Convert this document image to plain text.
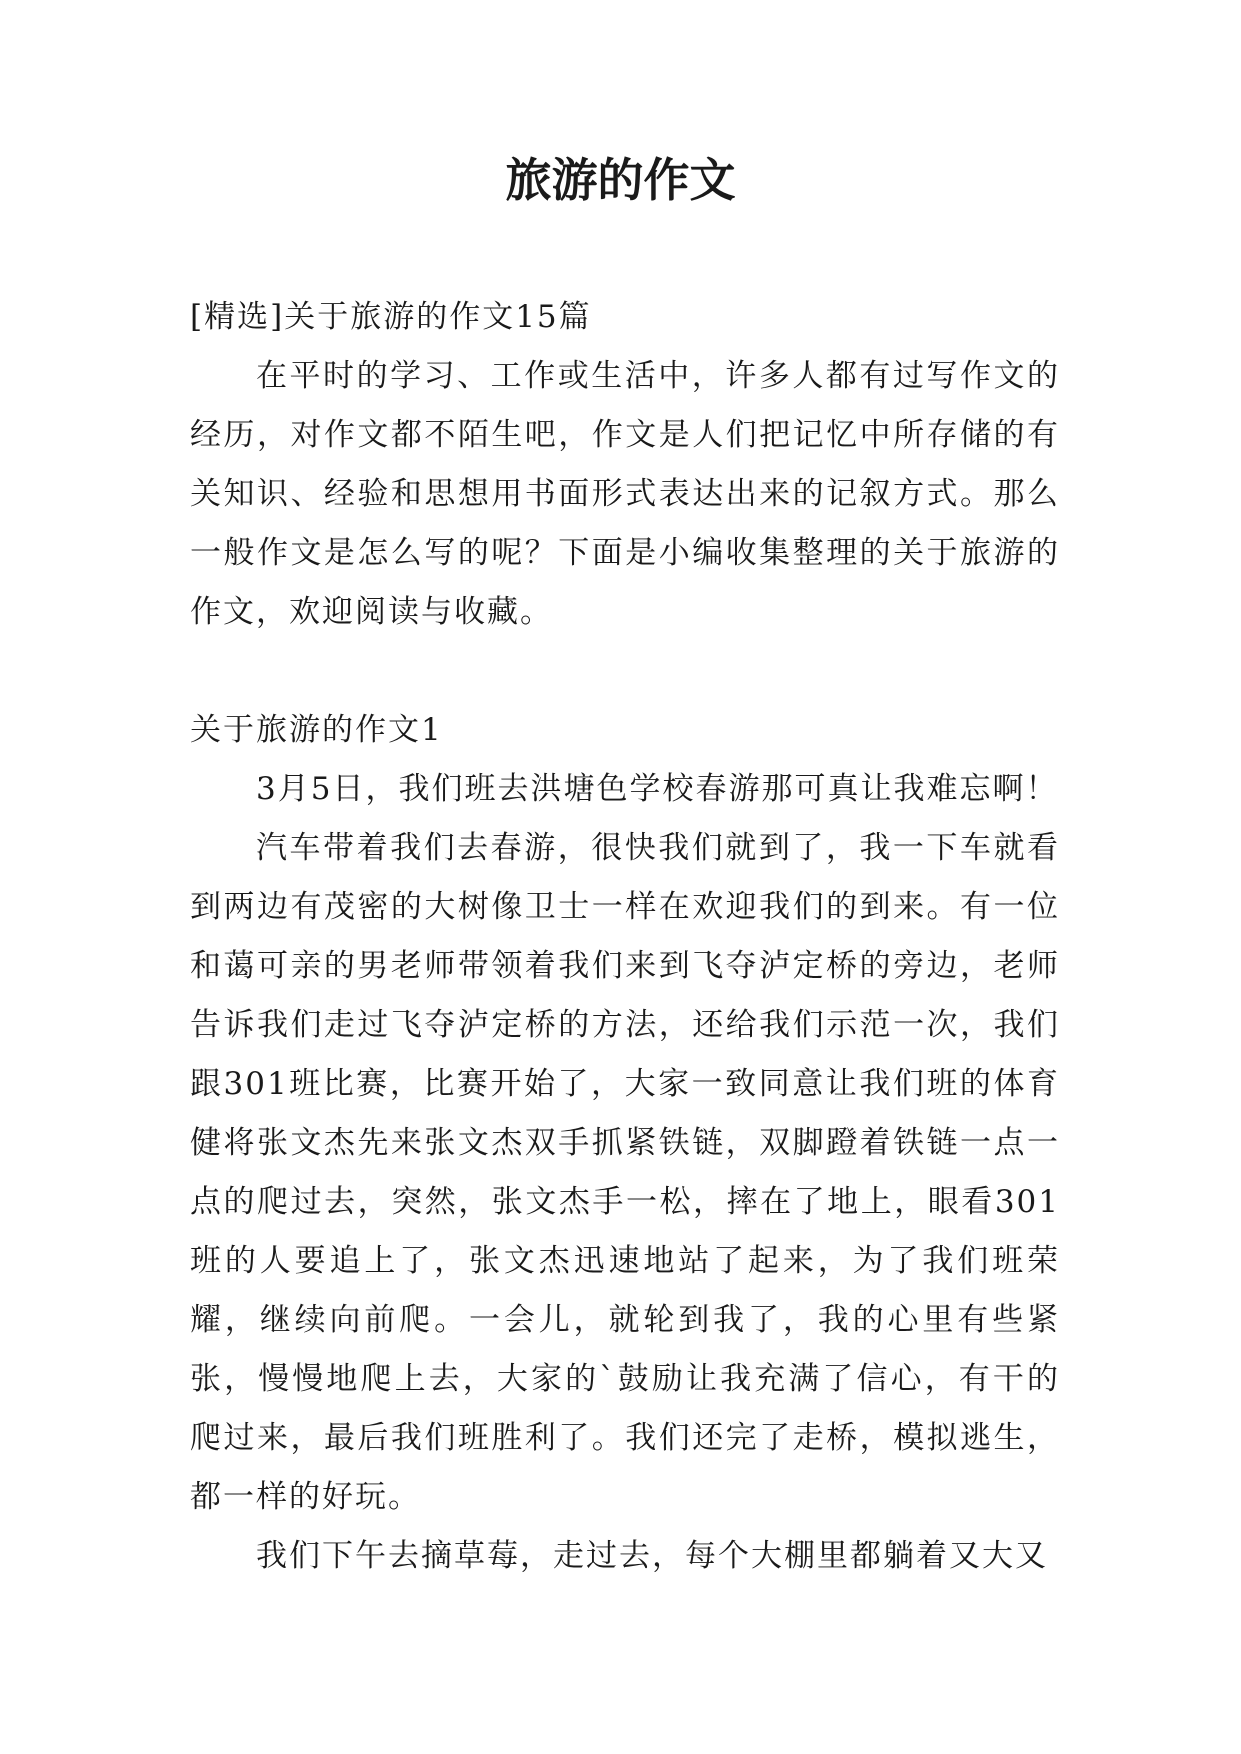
旅游的作文

[精选]关于旅游的作文15篇

在平时的学习、工作或生活中，许多人都有过写作文的经历，对作文都不陌生吧，作文是人们把记忆中所存储的有关知识、经验和思想用书面形式表达出来的记叙方式。那么一般作文是怎么写的呢？下面是小编收集整理的关于旅游的作文，欢迎阅读与收藏。

关于旅游的作文1

3月5日，我们班去洪塘色学校春游那可真让我难忘啊！

汽车带着我们去春游，很快我们就到了，我一下车就看到两边有茂密的大树像卫士一样在欢迎我们的到来。有一位和蔼可亲的男老师带领着我们来到飞夺泸定桥的旁边，老师告诉我们走过飞夺泸定桥的方法，还给我们示范一次，我们跟301班比赛，比赛开始了，大家一致同意让我们班的体育健将张文杰先来张文杰双手抓紧铁链，双脚蹬着铁链一点一点的爬过去，突然，张文杰手一松，摔在了地上，眼看301班的人要追上了，张文杰迅速地站了起来，为了我们班荣耀，继续向前爬。一会儿，就轮到我了，我的心里有些紧张，慢慢地爬上去，大家的`鼓励让我充满了信心，有干的爬过来，最后我们班胜利了。我们还完了走桥，模拟逃生，都一样的好玩。

我们下午去摘草莓，走过去，每个大棚里都躺着又大又
